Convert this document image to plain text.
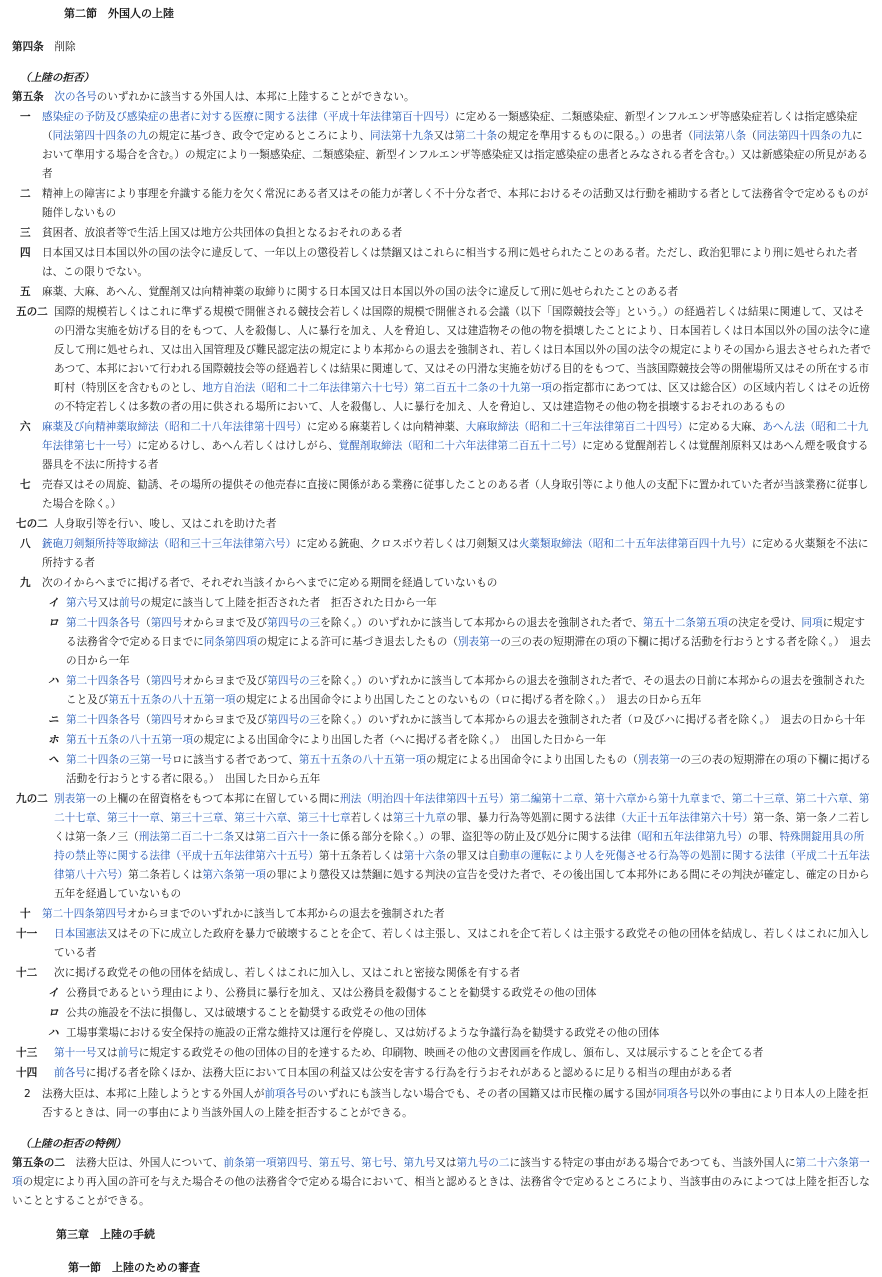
第二節　外国人の上陸
第四条　 削除
（上陸の拒否）
第五条　 次の各号のいずれかに該当する外国人は、本邦に上陸することができない。
一 感染症の予防及び感染症の患者に対する医療に関する法律（平成十年法律第百十四号）に定める一類感染症、二類感染症、新型インフルエンザ等感染症若しくは指定感染症（同法第四十四条の九の規定に基づき、政令で定めるところにより、同法第十九条又は第二十条の規定を準用するものに限る。）の患者（同法第八条（同法第四十四条の九において準用する場合を含む。）の規定により一類感染症、二類感染症、新型インフルエンザ等感染症又は指定感染症の患者とみなされる者を含む。）又は新感染症の所見がある者
二 精神上の障害により事理を弁識する能力を欠く常況にある者又はその能力が著しく不十分な者で、本邦におけるその活動又は行動を補助する者として法務省令で定めるものが随伴しないもの
三 貧困者、放浪者等で生活上国又は地方公共団体の負担となるおそれのある者
四 日本国又は日本国以外の国の法令に違反して、一年以上の懲役若しくは禁錮又はこれらに相当する刑に処せられたことのある者。ただし、政治犯罪により刑に処せられた者は、この限りでない。
五 麻薬、大麻、あへん、覚醒剤又は向精神薬の取締りに関する日本国又は日本国以外の国の法令に違反して刑に処せられたことのある者
五の二 国際的規模若しくはこれに準ずる規模で開催される競技会若しくは国際的規模で開催される会議（以下「国際競技会等」という。）の経過若しくは結果に関連して、又はその円滑な実施を妨げる目的をもつて、人を殺傷し、人に暴行を加え、人を脅迫し、又は建造物その他の物を損壊したことにより、日本国若しくは日本国以外の国の法令に違反して刑に処せられ、又は出入国管理及び難民認定法の規定により本邦からの退去を強制され、若しくは日本国以外の国の法令の規定によりその国から退去させられた者であつて、本邦において行われる国際競技会等の経過若しくは結果に関連して、又はその円滑な実施を妨げる目的をもつて、当該国際競技会等の開催場所又はその所在する市町村（特別区を含むものとし、地方自治法（昭和二十二年法律第六十七号）第二百五十二条の十九第一項の指定都市にあつては、区又は総合区）の区域内若しくはその近傍の不特定若しくは多数の者の用に供される場所において、人を殺傷し、人に暴行を加え、人を脅迫し、又は建造物その他の物を損壊するおそれのあるもの
六 麻薬及び向精神薬取締法（昭和二十八年法律第十四号）に定める麻薬若しくは向精神薬、大麻取締法（昭和二十三年法律第百二十四号）に定める大麻、あへん法（昭和二十九年法律第七十一号）に定めるけし、あへん若しくはけしがら、覚醒剤取締法（昭和二十六年法律第二百五十二号）に定める覚醒剤若しくは覚醒剤原料又はあへん煙を吸食する器具を不法に所持する者
七 売春又はその周旋、勧誘、その場所の提供その他売春に直接に関係がある業務に従事したことのある者（人身取引等により他人の支配下に置かれていた者が当該業務に従事した場合を除く。）
七の二 人身取引等を行い、唆し、又はこれを助けた者
八 銃砲刀剣類所持等取締法（昭和三十三年法律第六号）に定める銃砲、クロスボウ若しくは刀剣類又は火薬類取締法（昭和二十五年法律第百四十九号）に定める火薬類を不法に所持する者
九 次のイからヘまでに掲げる者で、それぞれ当該イからヘまでに定める期間を経過していないもの
イ 第六号又は前号の規定に該当して上陸を拒否された者　拒否された日から一年
ロ 第二十四条各号（第四号オからヨまで及び第四号の三を除く。）のいずれかに該当して本邦からの退去を強制された者で、第五十二条第五項の決定を受け、同項に規定する法務省令で定める日までに同条第四項の規定による許可に基づき退去したもの（別表第一の三の表の短期滞在の項の下欄に掲げる活動を行おうとする者を除く。）　退去の日から一年
ハ 第二十四条各号（第四号オからヨまで及び第四号の三を除く。）のいずれかに該当して本邦からの退去を強制された者で、その退去の日前に本邦からの退去を強制されたこと及び第五十五条の八十五第一項の規定による出国命令により出国したことのないもの（ロに掲げる者を除く。）　退去の日から五年
ニ 第二十四条各号（第四号オからヨまで及び第四号の三を除く。）のいずれかに該当して本邦からの退去を強制された者（ロ及びハに掲げる者を除く。）　退去の日から十年
ホ 第五十五条の八十五第一項の規定による出国命令により出国した者（ヘに掲げる者を除く。）　出国した日から一年
ヘ 第二十四条の三第一号ロに該当する者であつて、第五十五条の八十五第一項の規定による出国命令により出国したもの（別表第一の三の表の短期滞在の項の下欄に掲げる活動を行おうとする者に限る。）　出国した日から五年
九の二 別表第一の上欄の在留資格をもつて本邦に在留している間に刑法（明治四十年法律第四十五号）第二編第十二章、第十六章から第十九章まで、第二十三章、第二十六章、第二十七章、第三十一章、第三十三章、第三十六章、第三十七章若しくは第三十九章の罪、暴力行為等処罰に関する法律（大正十五年法律第六十号）第一条、第一条ノ二若しくは第一条ノ三（刑法第二百二十二条又は第二百六十一条に係る部分を除く。）の罪、盗犯等の防止及び処分に関する法律（昭和五年法律第九号）の罪、特殊開錠用具の所持の禁止等に関する法律（平成十五年法律第六十五号）第十五条若しくは第十六条の罪又は自動車の運転により人を死傷させる行為等の処罰に関する法律（平成二十五年法律第八十六号）第二条若しくは第六条第一項の罪により懲役又は禁錮に処する判決の宣告を受けた者で、その後出国して本邦外にある間にその判決が確定し、確定の日から五年を経過していないもの
十 第二十四条第四号オからヨまでのいずれかに該当して本邦からの退去を強制された者
十一 日本国憲法又はその下に成立した政府を暴力で破壊することを企て、若しくは主張し、又はこれを企て若しくは主張する政党その他の団体を結成し、若しくはこれに加入している者
十二 次に掲げる政党その他の団体を結成し、若しくはこれに加入し、又はこれと密接な関係を有する者
イ 公務員であるという理由により、公務員に暴行を加え、又は公務員を殺傷することを勧奨する政党その他の団体
ロ 公共の施設を不法に損傷し、又は破壊することを勧奨する政党その他の団体
ハ 工場事業場における安全保持の施設の正常な維持又は運行を停廃し、又は妨げるような争議行為を勧奨する政党その他の団体
十三 第十一号又は前号に規定する政党その他の団体の目的を達するため、印刷物、映画その他の文書図画を作成し、頒布し、又は展示することを企てる者
十四 前各号に掲げる者を除くほか、法務大臣において日本国の利益又は公安を害する行為を行うおそれがあると認めるに足りる相当の理由がある者
2 法務大臣は、本邦に上陸しようとする外国人が前項各号のいずれにも該当しない場合でも、その者の国籍又は市民権の属する国が同項各号以外の事由により日本人の上陸を拒否するときは、同一の事由により当該外国人の上陸を拒否することができる。
（上陸の拒否の特例）
第五条の二　 法務大臣は、外国人について、前条第一項第四号、第五号、第七号、第九号又は第九号の二に該当する特定の事由がある場合であつても、当該外国人に第二十六条第一項の規定により再入国の許可を与えた場合その他の法務省令で定める場合において、相当と認めるときは、法務省令で定めるところにより、当該事由のみによつては上陸を拒否しないこととすることができる。
第三章　上陸の手続
第一節　上陸のための審査
